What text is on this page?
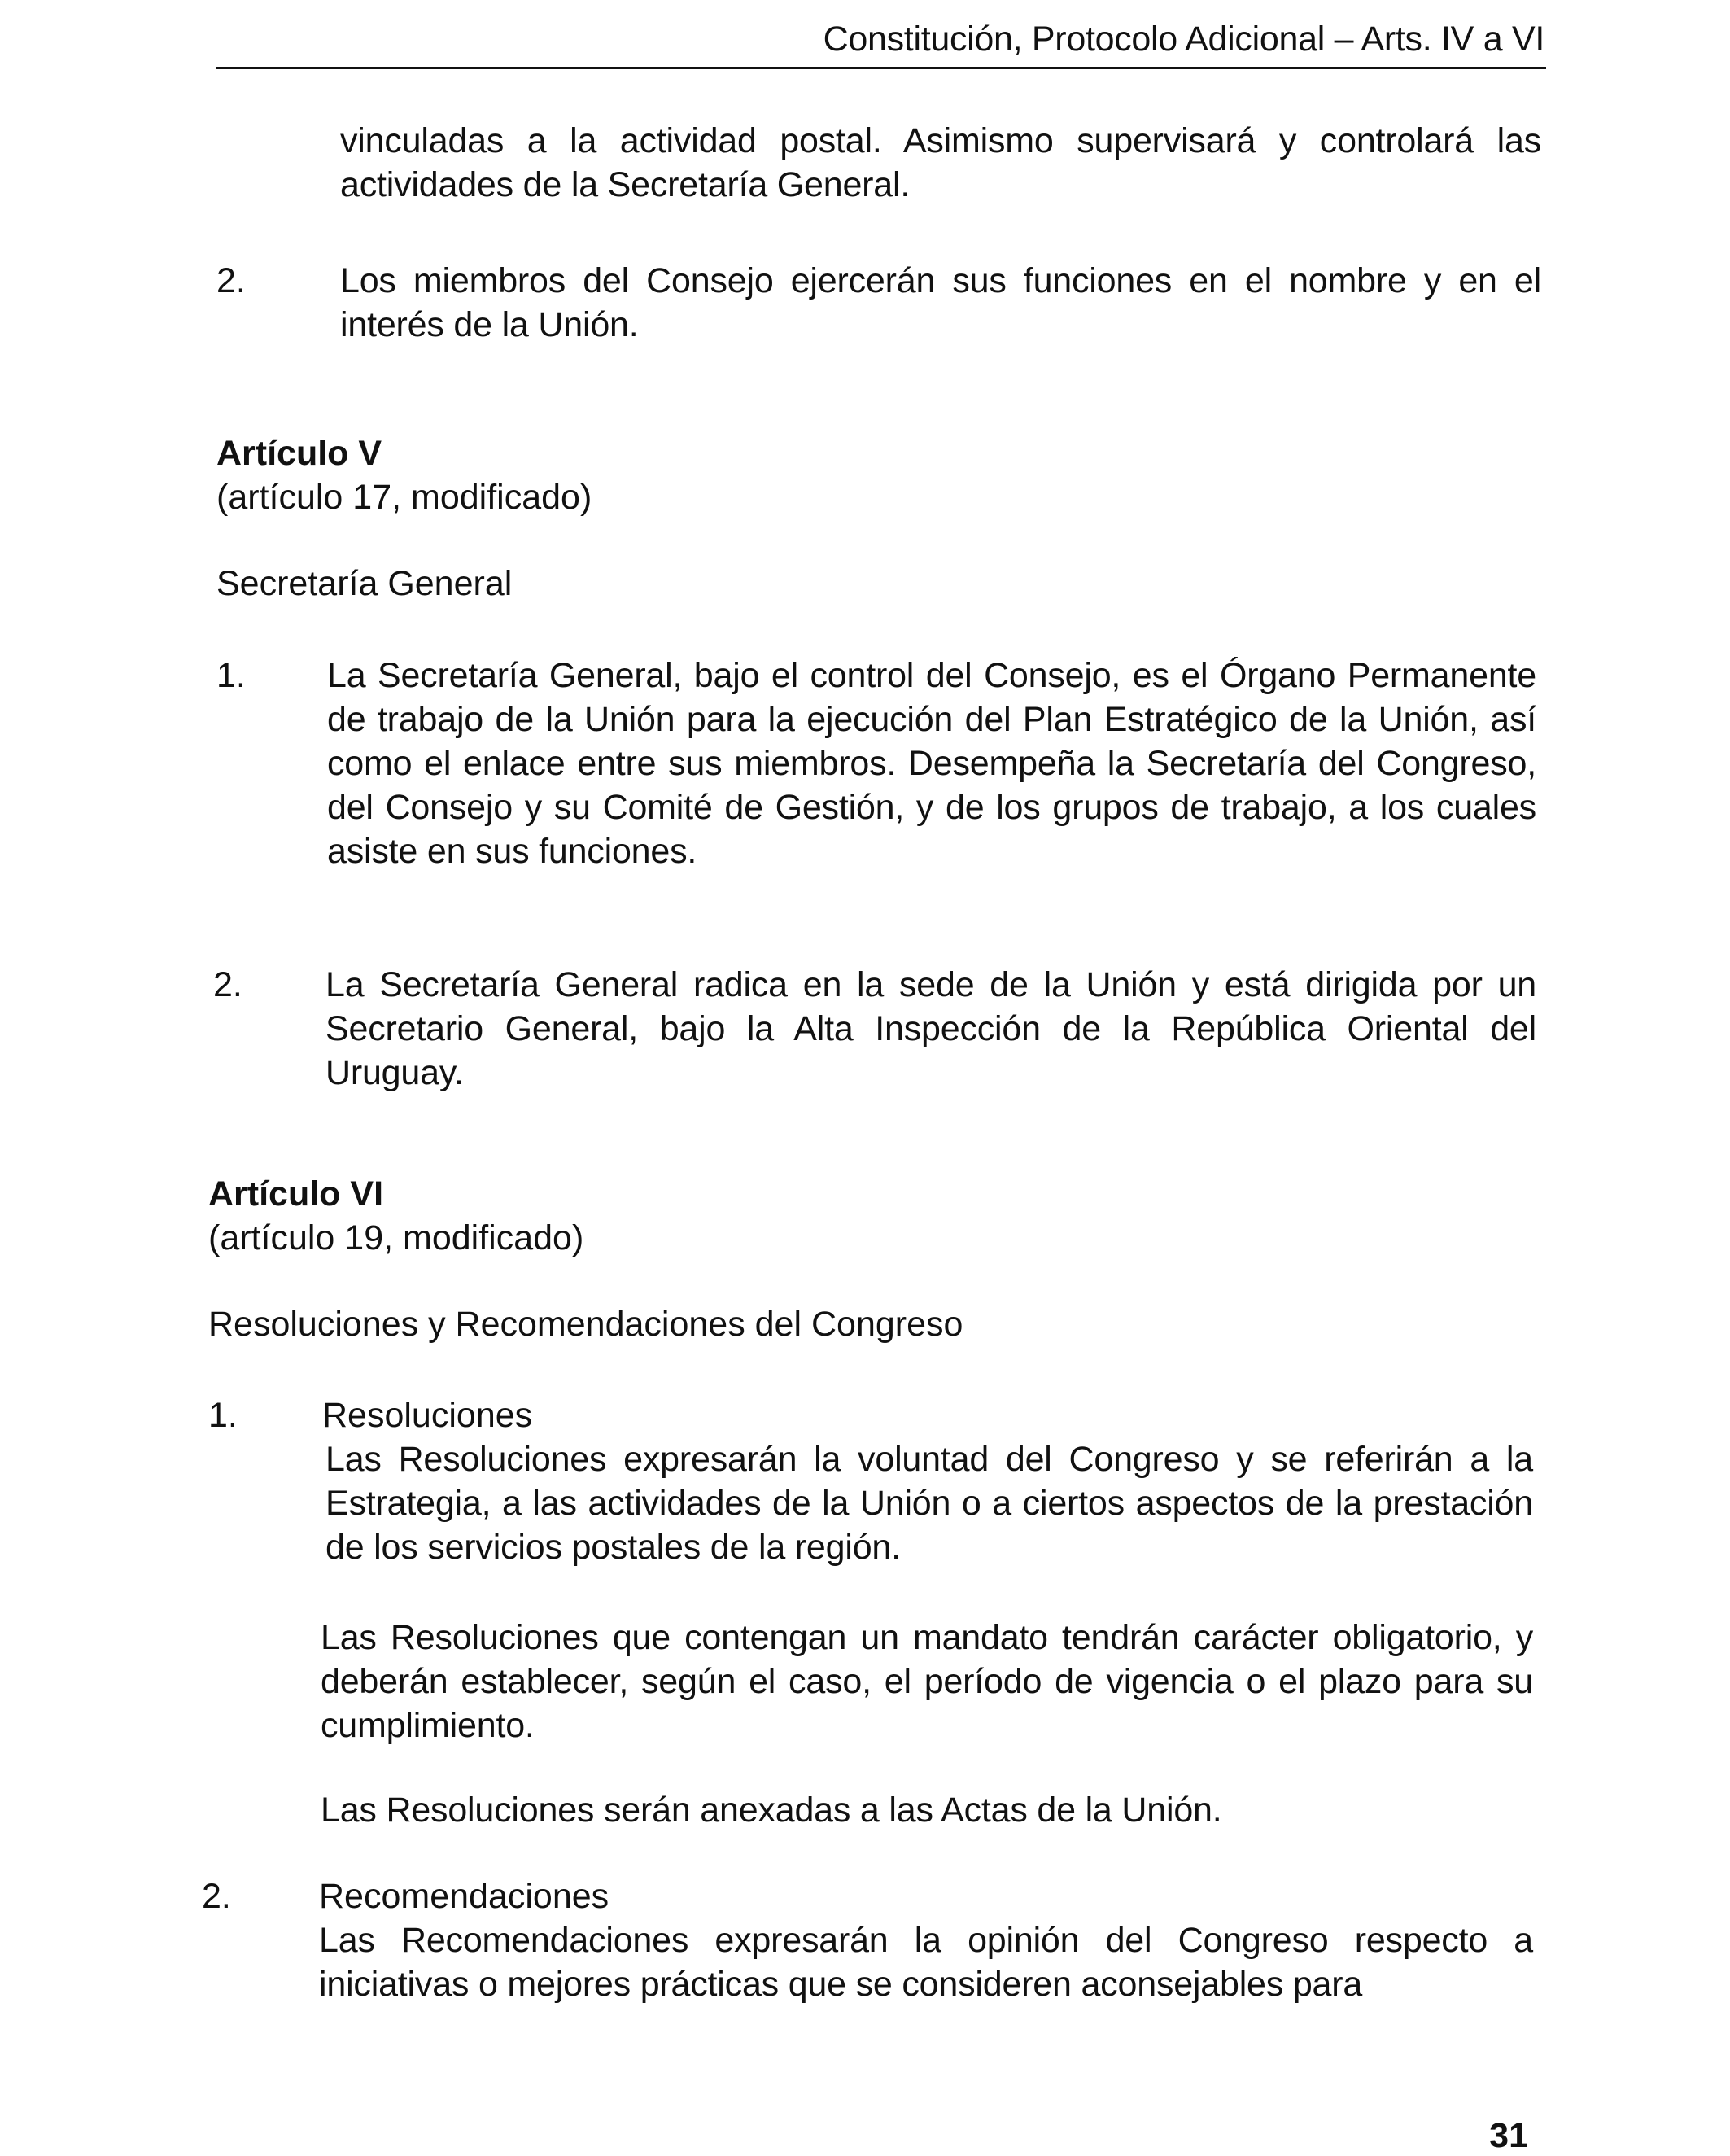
Constitución, Protocolo Adicional – Arts. IV a VI
vinculadas a la actividad postal. Asimismo supervisará y controlará las actividades de la Secretaría General.
2.	Los miembros del Consejo ejercerán sus funciones en el nombre y en el interés de la Unión.
Artículo V
(artículo 17, modificado)
Secretaría General
1. La Secretaría General, bajo el control del Consejo, es el Órgano Permanente de trabajo de la Unión para la ejecución del Plan Estratégico de la Unión, así como el enlace entre sus miembros. Desempeña la Secretaría del Congreso, del Consejo y su Comité de Gestión, y de los grupos de trabajo, a los cuales asiste en sus funciones.
2. La Secretaría General radica en la sede de la Unión y está dirigida por un Secretario General, bajo la Alta Inspección de la República Oriental del Uruguay.
Artículo VI
(artículo 19, modificado)
Resoluciones y Recomendaciones del Congreso
1. Resoluciones
Las Resoluciones expresarán la voluntad del Congreso y se referirán a la Estrategia, a las actividades de la Unión o a ciertos aspectos de la prestación de los servicios postales de la región.
Las Resoluciones que contengan un mandato tendrán carácter obligatorio, y deberán establecer, según el caso, el período de vigencia o el plazo para su cumplimiento.
Las Resoluciones serán anexadas a las Actas de la Unión.
2.	Recomendaciones
Las Recomendaciones expresarán la opinión del Congreso respecto a iniciativas o mejores prácticas que se consideren aconsejables para
31
